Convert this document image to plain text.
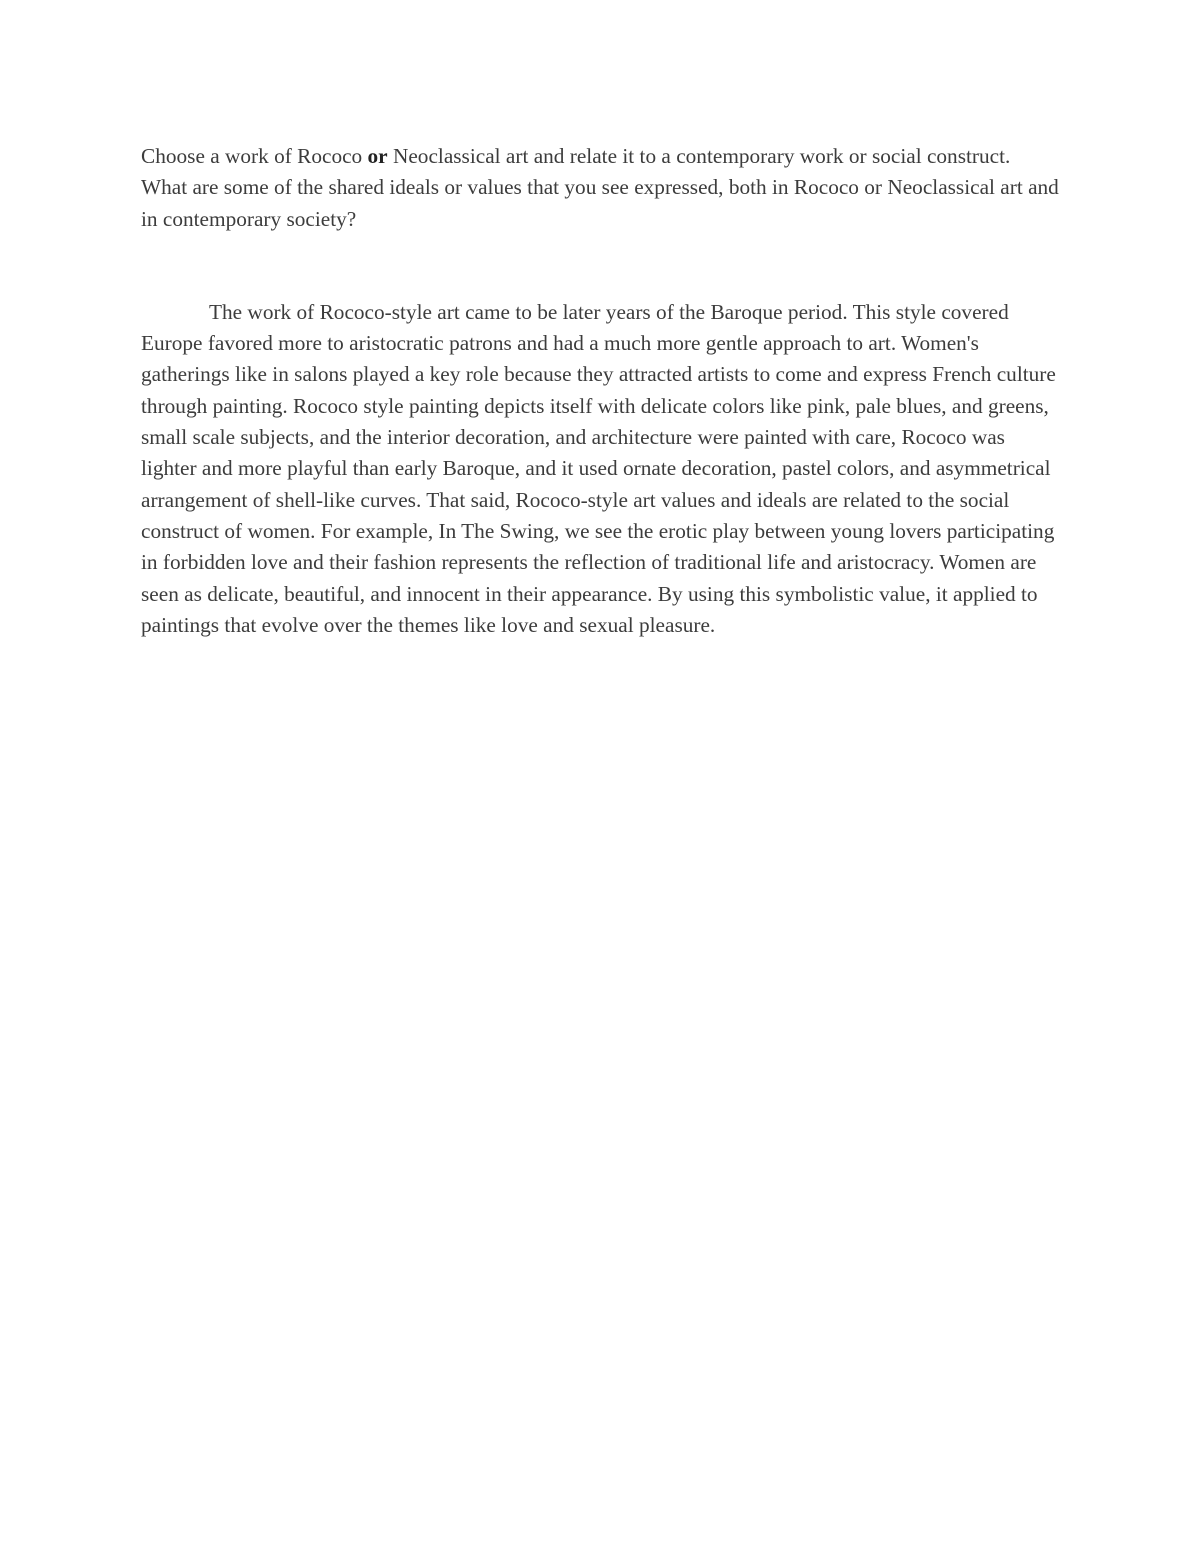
Choose a work of Rococo or Neoclassical art and relate it to a contemporary work or social construct. What are some of the shared ideals or values that you see expressed, both in Rococo or Neoclassical art and in contemporary society?

The work of Rococo-style art came to be later years of the Baroque period. This style covered Europe favored more to aristocratic patrons and had a much more gentle approach to art. Women's gatherings like in salons played a key role because they attracted artists to come and express French culture through painting. Rococo style painting depicts itself with delicate colors like pink, pale blues, and greens, small scale subjects, and the interior decoration, and architecture were painted with care, Rococo was lighter and more playful than early Baroque, and it used ornate decoration, pastel colors, and asymmetrical arrangement of shell-like curves. That said, Rococo-style art values and ideals are related to the social construct of women. For example, In The Swing, we see the erotic play between young lovers participating in forbidden love and their fashion represents the reflection of traditional life and aristocracy. Women are seen as delicate, beautiful, and innocent in their appearance. By using this symbolistic value, it applied to paintings that evolve over the themes like love and sexual pleasure.
